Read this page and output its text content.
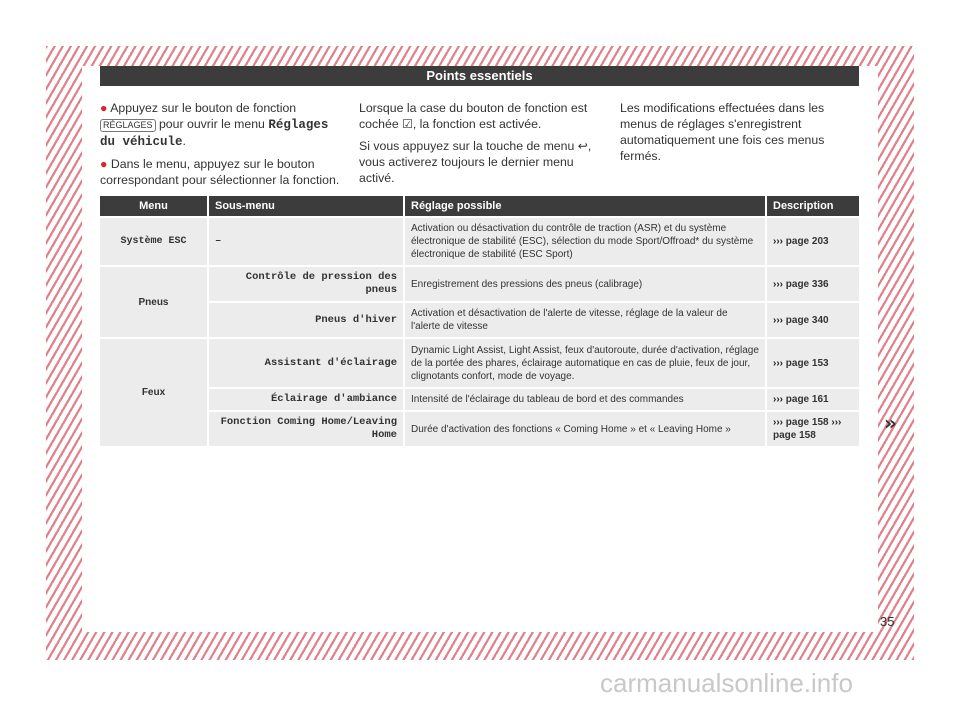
Points essentiels

● Appuyez sur le bouton de fonction RÉGLAGES pour ouvrir le menu Réglages du véhicule.

● Dans le menu, appuyez sur le bouton correspondant pour sélectionner la fonction.

Lorsque la case du bouton de fonction est cochée ☑, la fonction est activée.

Si vous appuyez sur la touche de menu ↩, vous activerez toujours le dernier menu activé.

Les modifications effectuées dans les menus de réglages s'enregistrent automatiquement une fois ces menus fermés.

Menu	Sous-menu	Réglage possible	Description
Système ESC	–	Activation ou désactivation du contrôle de traction (ASR) et du système électronique de stabilité (ESC), sélection du mode Sport/Offroad* du système électronique de stabilité (ESC Sport)	››› page 203
Pneus	Contrôle de pression des pneus	Enregistrement des pressions des pneus (calibrage)	››› page 336
	Pneus d'hiver	Activation et désactivation de l'alerte de vitesse, réglage de la valeur de l'alerte de vitesse	››› page 340
Feux	Assistant d'éclairage	Dynamic Light Assist, Light Assist, feux d'autoroute, durée d'activation, réglage de la portée des phares, éclairage automatique en cas de pluie, feux de jour, clignotants confort, mode de voyage.	››› page 153
	Éclairage d'ambiance	Intensité de l'éclairage du tableau de bord et des commandes	››› page 161
	Fonction Coming Home/Leaving Home	Durée d'activation des fonctions « Coming Home » et « Leaving Home »	››› page 158 ››› page 158
»
35
carmanualsonline.info
